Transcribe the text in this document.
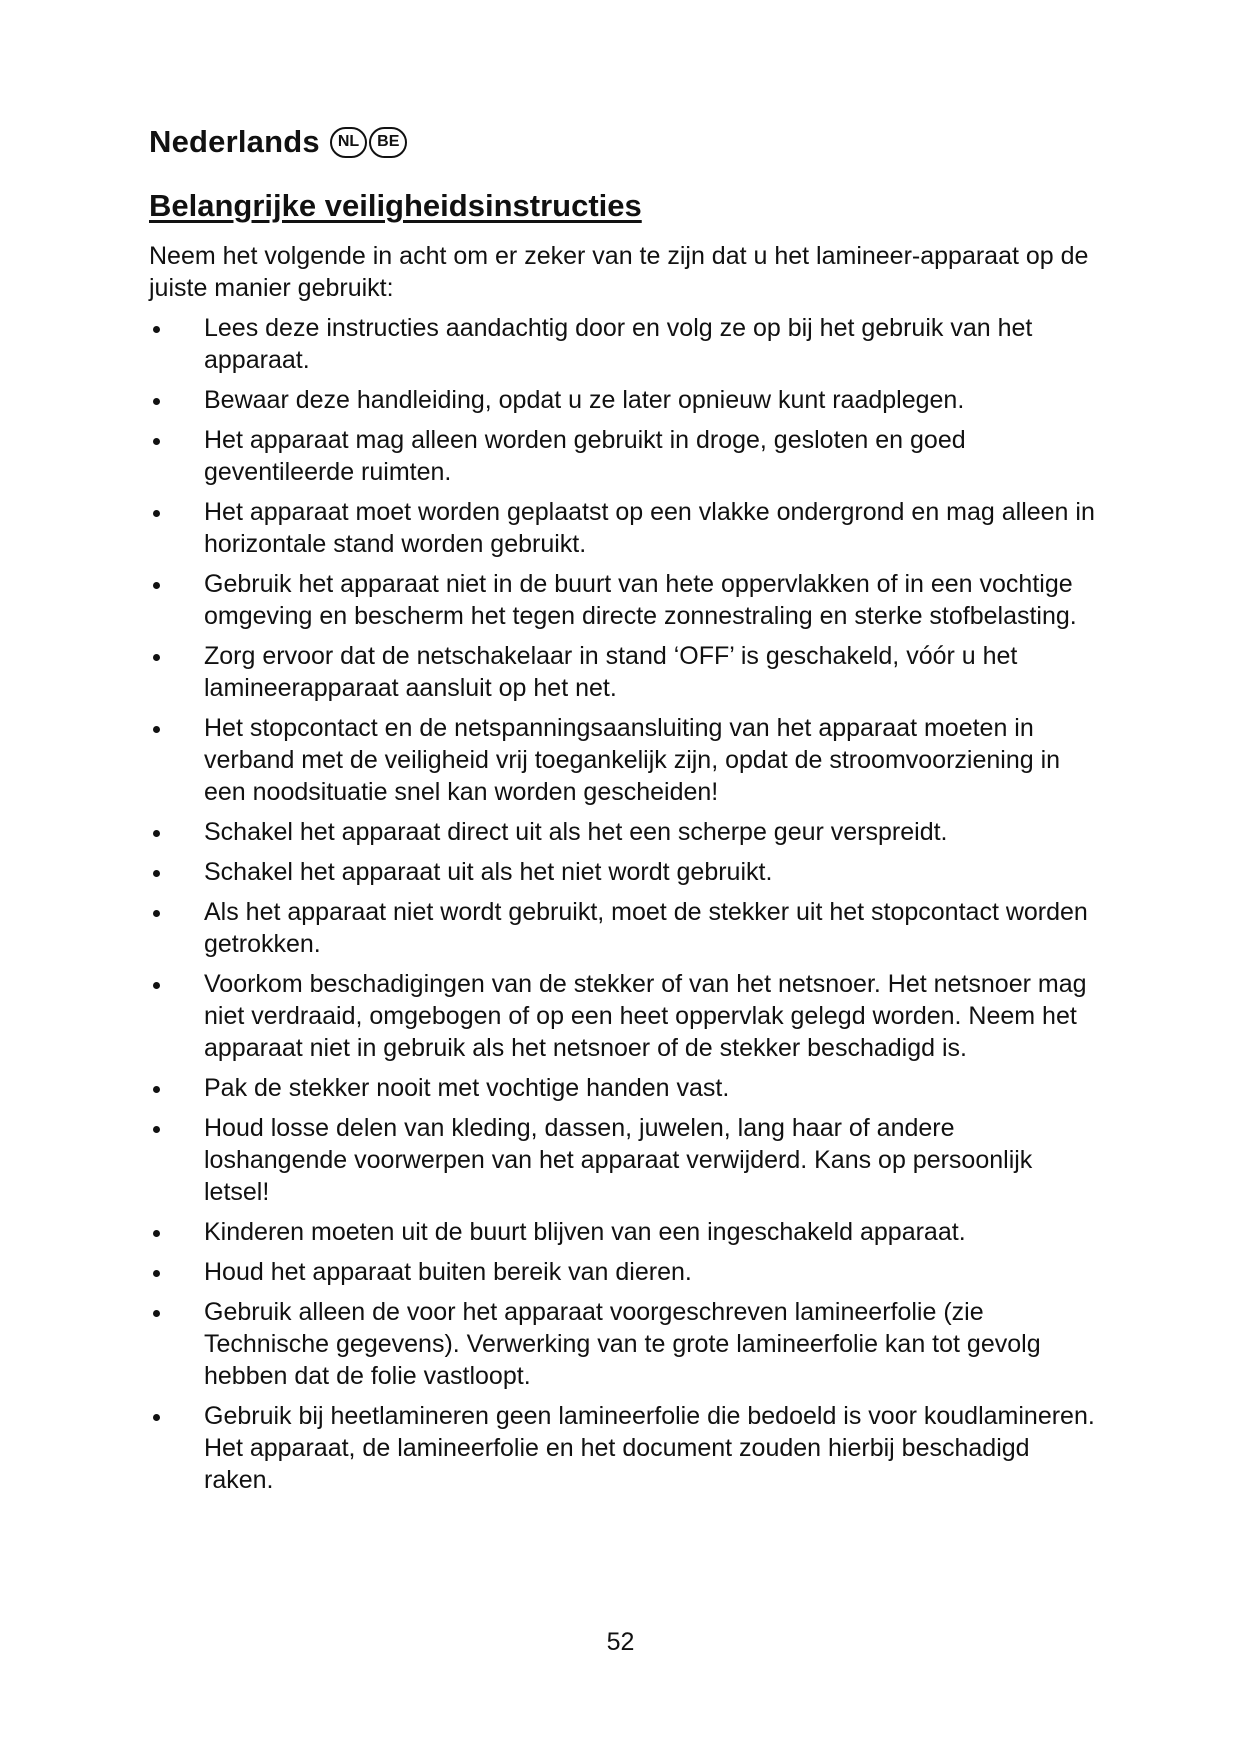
Nederlands	NL	BE
Belangrijke veiligheidsinstructies
Neem het volgende in acht om er zeker van te zijn dat u het lamineer-apparaat op de juiste manier gebruikt:
Lees deze instructies aandachtig door en volg ze op bij het gebruik van het apparaat.
Bewaar deze handleiding, opdat u ze later opnieuw kunt raadplegen.
Het apparaat mag alleen worden gebruikt in droge, gesloten en goed geventileerde ruimten.
Het apparaat moet worden geplaatst op een vlakke ondergrond en mag alleen in horizontale stand worden gebruikt.
Gebruik het apparaat niet in de buurt van hete oppervlakken of in een vochtige omgeving en bescherm het tegen directe zonnestraling en sterke stofbelasting.
Zorg ervoor dat de netschakelaar in stand ‘OFF’ is geschakeld, vóór u het lamineerapparaat aansluit op het net.
Het stopcontact en de netspanningsaansluiting van het apparaat moeten in verband met de veiligheid vrij toegankelijk zijn, opdat de stroomvoorziening in een noodsituatie snel kan worden gescheiden!
Schakel het apparaat direct uit als het een scherpe geur verspreidt.
Schakel het apparaat uit als het niet wordt gebruikt.
Als het apparaat niet wordt gebruikt, moet de stekker uit het stopcontact worden getrokken.
Voorkom beschadigingen van de stekker of van het netsnoer. Het netsnoer mag niet verdraaid, omgebogen of op een heet oppervlak gelegd worden. Neem het apparaat niet in gebruik als het netsnoer of de stekker beschadigd is.
Pak de stekker nooit met vochtige handen vast.
Houd losse delen van kleding, dassen, juwelen, lang haar of andere loshangende voorwerpen van het apparaat verwijderd. Kans op persoonlijk letsel!
Kinderen moeten uit de buurt blijven van een ingeschakeld apparaat.
Houd het apparaat buiten bereik van dieren.
Gebruik alleen de voor het apparaat voorgeschreven lamineerfolie (zie Technische gegevens). Verwerking van te grote lamineerfolie kan tot gevolg hebben dat de folie vastloopt.
Gebruik bij heetlamineren geen lamineerfolie die bedoeld is voor koudlamineren. Het apparaat, de lamineerfolie en het document zouden hierbij beschadigd raken.
52
